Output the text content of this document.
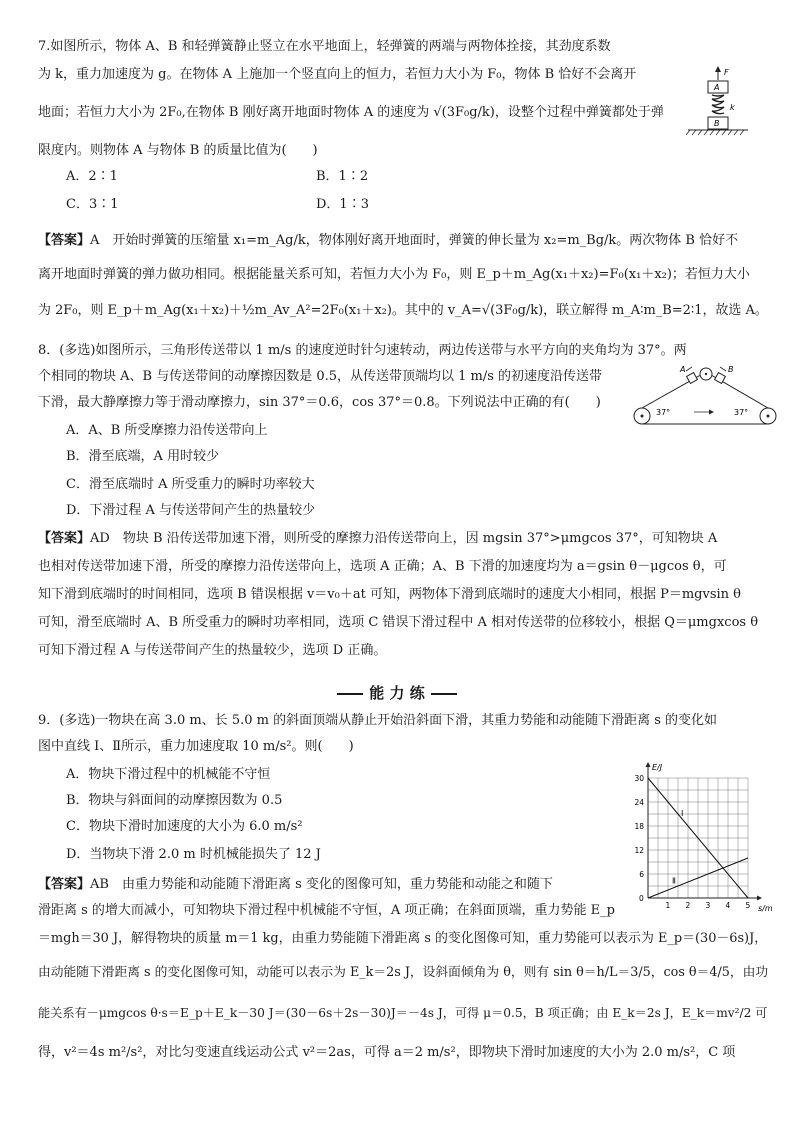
7.如图所示，物体 A、B 和轻弹簧静止竖立在水平地面上，轻弹簧的两端与两物体拴接，其劲度系数
为 k，重力加速度为 g。在物体 A 上施加一个竖直向上的恒力，若恒力大小为 F₀，物体 B 恰好不会离开
地面；若恒力大小为 2F₀,在物体 B 刚好离开地面时物体 A 的速度为 √(3F₀g/k)，设整个过程中弹簧都处于弹
限度内。则物体 A 与物体 B 的质量比值为(　　)
A．2∶1	B．1∶2
C．3∶1	D．1∶3
F
A
k
B
【答案】A　开始时弹簧的压缩量 x₁=m_Ag/k，物体刚好离开地面时，弹簧的伸长量为 x₂=m_Bg/k。两次物体 B 恰好不
离开地面时弹簧的弹力做功相同。根据能量关系可知，若恒力大小为 F₀，则 E_p＋m_Ag(x₁＋x₂)=F₀(x₁＋x₂)；若恒力大小
为 2F₀，则 E_p＋m_Ag(x₁＋x₂)＋½m_Av_A²=2F₀(x₁＋x₂)。其中的 v_A=√(3F₀g/k)，联立解得 m_A∶m_B=2∶1，故选 A。
8．(多选)如图所示，三角形传送带以 1 m/s 的速度逆时针匀速转动，两边传送带与水平方向的夹角均为 37°。两
个相同的物块 A、B 与传送带间的动摩擦因数是 0.5，从传送带顶端均以 1 m/s 的初速度沿传送带
下滑，最大静摩擦力等于滑动摩擦力，sin 37°＝0.6，cos 37°＝0.8。下列说法中正确的有(　　)
A．A、B 所受摩擦力沿传送带向上
B．滑至底端，A 用时较少
C．滑至底端时 A 所受重力的瞬时功率较大
D．下滑过程 A 与传送带间产生的热量较少
A	B
37°	37°
【答案】AD　物块 B 沿传送带加速下滑，则所受的摩擦力沿传送带向上，因 mgsin 37°>μmgcos 37°，可知物块 A
也相对传送带加速下滑，所受的摩擦力沿传送带向上，选项 A 正确；A、B 下滑的加速度均为 a＝gsin θ－μgcos θ，可
知下滑到底端时的时间相同，选项 B 错误根据 v＝v₀＋at 可知，两物体下滑到底端时的速度大小相同，根据 P＝mgvsin θ
可知，滑至底端时 A、B 所受重力的瞬时功率相同，选项 C 错误下滑过程中 A 相对传送带的位移较小，根据 Q＝μmgxcos θ
可知下滑过程 A 与传送带间产生的热量较少，选项 D 正确。
能 力 练
9．(多选)一物块在高 3.0 m、长 5.0 m 的斜面顶端从静止开始沿斜面下滑，其重力势能和动能随下滑距离 s 的变化如
图中直线 Ⅰ、Ⅱ所示，重力加速度取 10 m/s²。则(　　)
A．物块下滑过程中的机械能不守恒
B．物块与斜面间的动摩擦因数为 0.5
C．物块下滑时加速度的大小为 6.0 m/s²
D．当物块下滑 2.0 m 时机械能损失了 12 J
s/m
E/J
0
1 2 3 4 5
6
12
18
24
30
Ⅰ
Ⅱ
【答案】AB　由重力势能和动能随下滑距离 s 变化的图像可知，重力势能和动能之和随下
滑距离 s 的增大而减小，可知物块下滑过程中机械能不守恒，A 项正确；在斜面顶端，重力势能 E_p
＝mgh＝30 J，解得物块的质量 m＝1 kg，由重力势能随下滑距离 s 的变化图像可知，重力势能可以表示为 E_p＝(30－6s)J，
由动能随下滑距离 s 的变化图像可知，动能可以表示为 E_k＝2s J，设斜面倾角为 θ，则有 sin θ＝h/L＝3/5，cos θ＝4/5，由功
能关系有－μmgcos θ·s＝E_p＋E_k－30 J＝(30－6s＋2s－30)J＝－4s J，可得 μ＝0.5，B 项正确；由 E_k＝2s J，E_k＝mv²/2 可
得，v²＝4s m²/s²，对比匀变速直线运动公式 v²＝2as，可得 a＝2 m/s²，即物块下滑时加速度的大小为 2.0 m/s²，C 项
